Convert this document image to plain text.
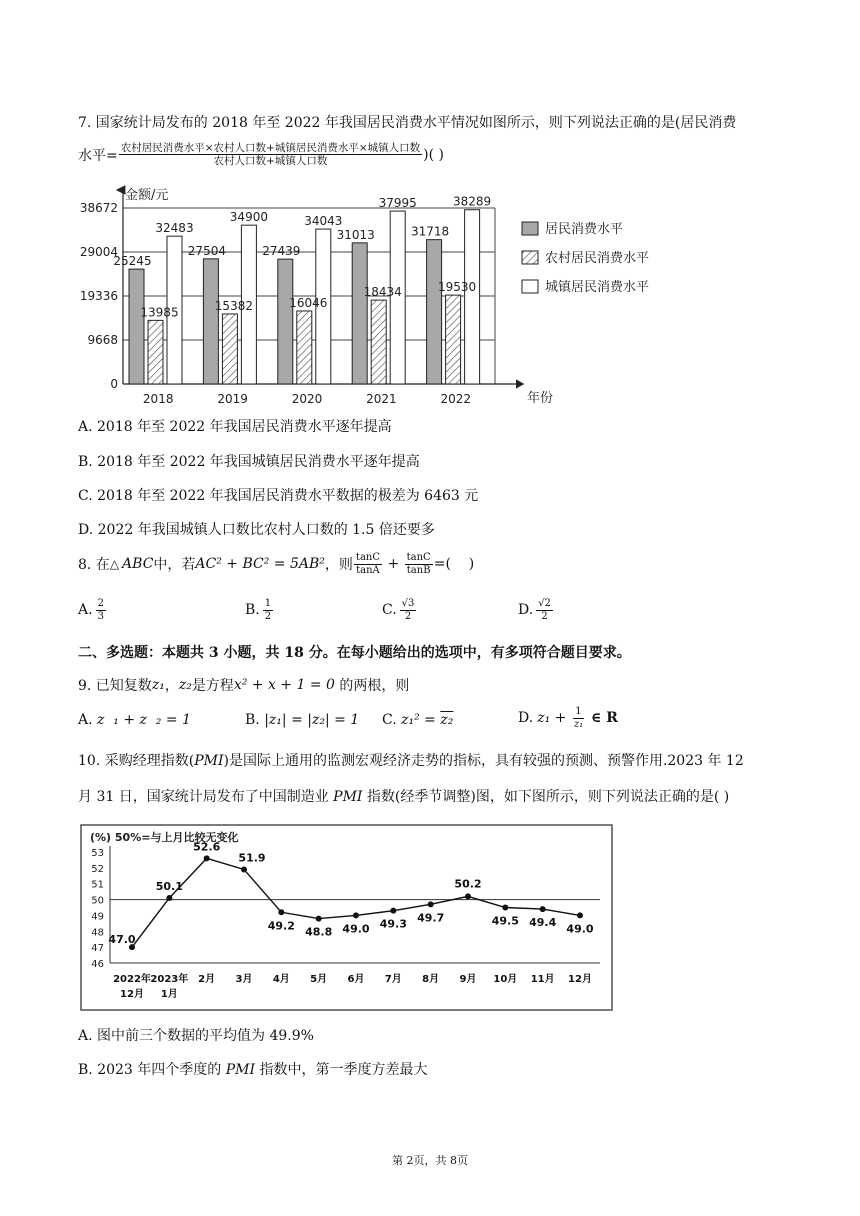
7. 国家统计局发布的 2018 年至 2022 年我国居民消费水平情况如图所示，则下列说法正确的是(居民消费
水平= $\frac{\text{农村居民消费水平×农村人口数+城镇居民消费水平×城镇人口数}}{\text{农村人口数+城镇人口数}}$ )( )
0
9668
19336
29004
38672
金额/元
年份
25245
13985
32483
2018
27504
15382
34900
2019
27439
16046
34043
2020
31013
18434
37995
2021
31718
19530
38289
2022
居民消费水平
农村居民消费水平
城镇居民消费水平
A. 2018 年至 2022 年我国居民消费水平逐年提高
B. 2018 年至 2022 年我国城镇居民消费水平逐年提高
C. 2018 年至 2022 年我国居民消费水平数据的极差为 6463 元
D. 2022 年我国城镇人口数比农村人口数的 1.5 倍还要多
8. 在 △ ABC 中，若 AC² + BC² = 5AB² ，则 $\frac{\tan C}{\tan A} + \frac{\tan C}{\tan B}$ =(    )
A. $\frac{2}{3}$	B. $\frac{1}{2}$	C. $\frac{√3}{2}$	D. $\frac{√2}{2}$
二、多选题：本题共 3 小题，共 18 分。在每小题给出的选项中，有多项符合题目要求。
9. 已知复数 z₁ ， z₂ 是方程 x² + x + 1 = 0 的两根，则
A. z  ₁ + z  ₂ = 1	B. |z₁| = |z₂| = 1 C. z₁² = z₂	D. $z_1 + \frac{1}{\text{z₁}}$ ∈ R
10. 采购经理指数(PMI)是国际上通用的监测宏观经济走势的指标，具有较强的预测、预警作用.2023 年 12
月 31 日，国家统计局发布了中国制造业 PMI 指数(经季节调整)图，如下图所示，则下列说法正确的是( )
(%) 50%=与上月比较无变化
46
47
48
49
50
51
52
53
47.0
2022年
12月
50.1
2023年
1月
52.6
2月
51.9
3月
49.2
4月
48.8
5月
49.0
6月
49.3
7月
49.7
8月
50.2
9月
49.5
10月
49.4
11月
49.0
12月
A. 图中前三个数据的平均值为 49.9%
B. 2023 年四个季度的 PMI 指数中，第一季度方差最大
第 2页，共 8页
